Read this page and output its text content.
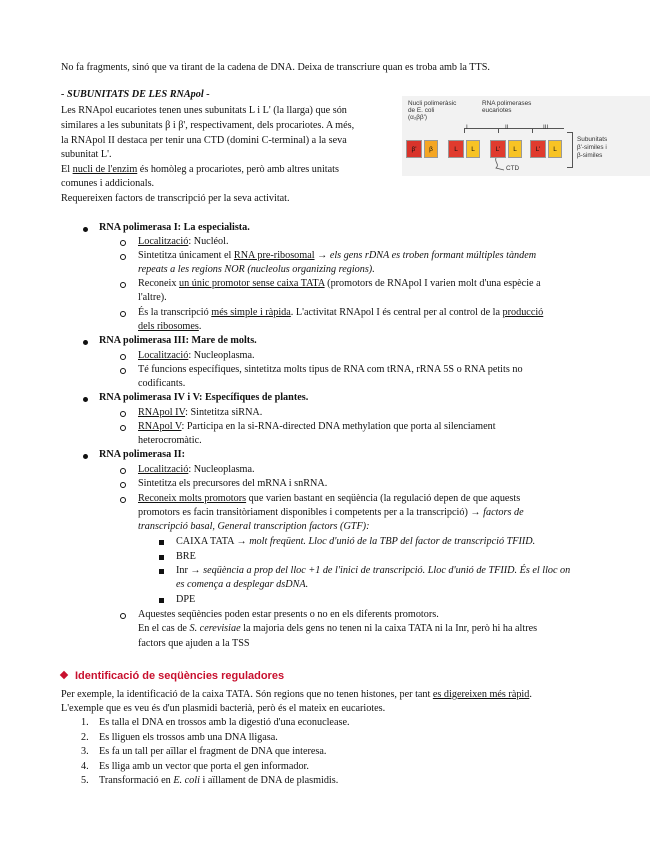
No fa fragments, sinó que va tirant de la cadena de DNA. Deixa de transcriure quan es troba amb la TTS.
- SUBUNITATS DE LES RNApol -
Les RNApol eucariotes tenen unes subunitats L i L' (la llarga) que són
similares a les subunitats β i β', respectivament, dels procariotes. A més,
la RNApol II destaca per tenir una CTD (domini C-terminal) a la seva
subunitat L'.
El nucli de l'enzim és homòleg a procariotes, però amb altres unitats
comunes i addicionals.
Requereixen factors de transcripció per la seva activitat.
RNA polimerasa I: La especialista.
Localització: Nucléol.
Sintetitza únicament el RNA pre-ribosomal → els gens rDNA es troben formant múltiples tàndem
repeats a les regions NOR (nucleolus organizing regions).
Reconeix un únic promotor sense caixa TATA (promotors de RNApol I varien molt d'una espècie a
l'altre).
És la transcripció més simple i ràpida. L'activitat RNApol I és central per al control de la producció
dels ribosomes.
RNA polimerasa III: Mare de molts.
Localització: Nucleoplasma.
Té funcions específiques, sintetitza molts tipus de RNA com tRNA, rRNA 5S o RNA petits no
codificants.
RNA polimerasa IV i V: Específiques de plantes.
RNApol IV: Sintetitza siRNA.
RNApol V: Participa en la si-RNA-directed DNA methylation que porta al silenciament
heterocromàtic.
RNA polimerasa II:
Localització: Nucleoplasma.
Sintetitza els precursores del mRNA i snRNA.
Reconeix molts promotors que varien bastant en seqüència (la regulació depen de que aquests
promotors es facin transitòriament disponibles i competents per a la transcripció) → factors de
transcripció basal, General transcription factors (GTF):
CAIXA TATA → molt freqüent. Lloc d'unió de la TBP del factor de transcripció TFIID.
BRE
Inr → seqüència a prop del lloc +1 de l'inici de transcripció. Lloc d'unió de TFIID. És el lloc on
es comença a desplegar dsDNA.
DPE
Aquestes seqüències poden estar presents o no en els diferents promotors.
En el cas de S. cerevisiae la majoria dels gens no tenen ni la caixa TATA ni la Inr, però hi ha altres
factors que ajuden a la TSS
Identificació de seqüències reguladores
Per exemple, la identificació de la caixa TATA. Són regions que no tenen histones, per tant es digereixen més ràpid.
L'exemple que es veu és d'un plasmidi bacterià, però és el mateix en eucariotes.
1. Es talla el DNA en trossos amb la digestió d'una econuclease.
2. Es lliguen els trossos amb una DNA lligasa.
3. Es fa un tall per aïllar el fragment de DNA que interesa.
4. Es lliga amb un vector que porta el gen informador.
5. Transformació en E. coli i aïllament de DNA de plasmidis.
Nucli polimeràsic
de E. coli
(α₂ββ')
RNA polimerases
eucariotes
I	II	III
β'	β	L	L	L'	L	L'	L
CTD
Subunitats
β'-similes i
β-similes
